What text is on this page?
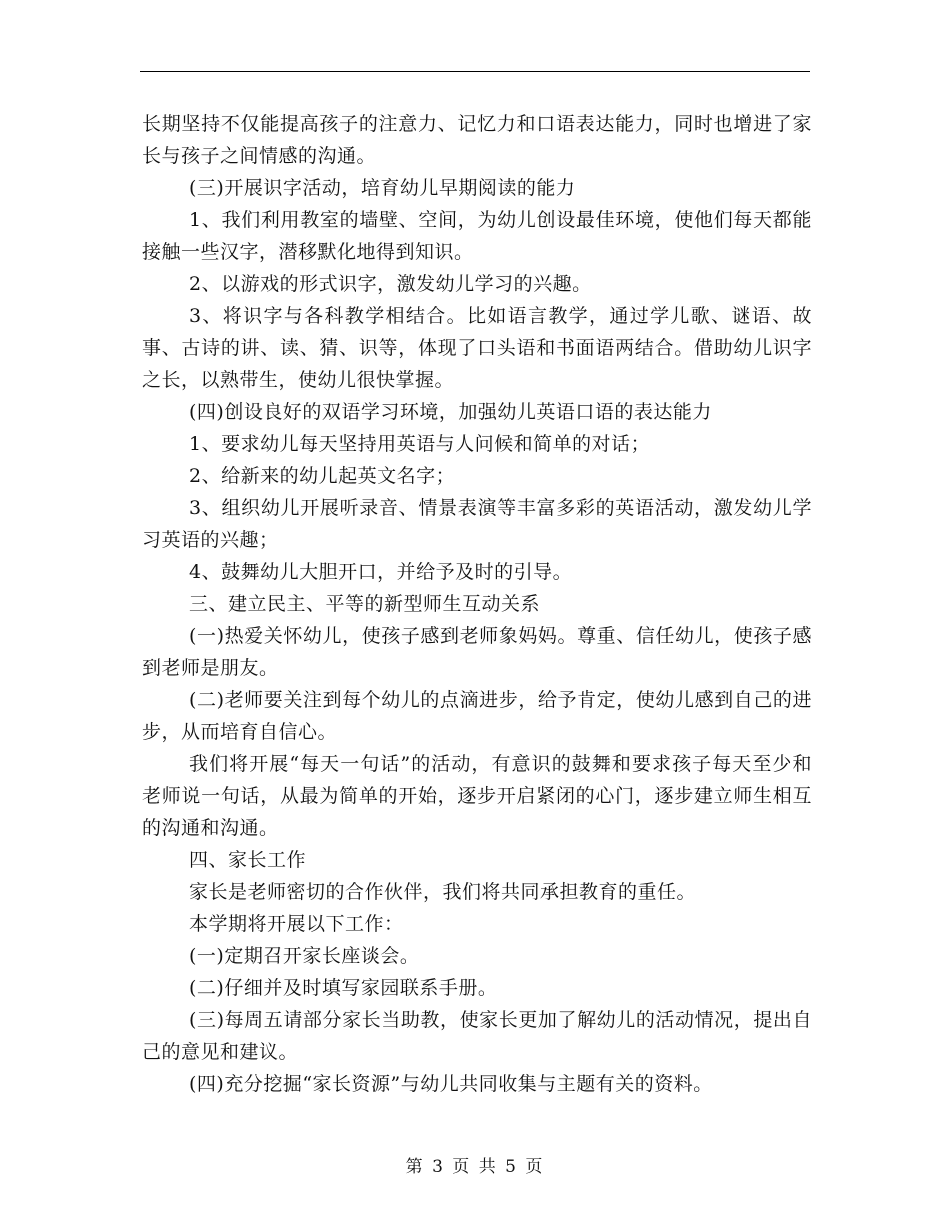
长期坚持不仅能提高孩子的注意力、记忆力和口语表达能力，同时也增进了家长与孩子之间情感的沟通。

(三)开展识字活动，培育幼儿早期阅读的能力

1、我们利用教室的墙壁、空间，为幼儿创设最佳环境，使他们每天都能接触一些汉字，潜移默化地得到知识。

2、以游戏的形式识字，激发幼儿学习的兴趣。

3、将识字与各科教学相结合。比如语言教学，通过学儿歌、谜语、故事、古诗的讲、读、猜、识等，体现了口头语和书面语两结合。借助幼儿识字之长，以熟带生，使幼儿很快掌握。

(四)创设良好的双语学习环境，加强幼儿英语口语的表达能力

1、要求幼儿每天坚持用英语与人问候和简单的对话；

2、给新来的幼儿起英文名字；

3、组织幼儿开展听录音、情景表演等丰富多彩的英语活动，激发幼儿学习英语的兴趣；

4、鼓舞幼儿大胆开口，并给予及时的引导。

三、建立民主、平等的新型师生互动关系

(一)热爱关怀幼儿，使孩子感到老师象妈妈。尊重、信任幼儿，使孩子感到老师是朋友。

(二)老师要关注到每个幼儿的点滴进步，给予肯定，使幼儿感到自己的进步，从而培育自信心。

我们将开展“每天一句话”的活动，有意识的鼓舞和要求孩子每天至少和老师说一句话，从最为简单的开始，逐步开启紧闭的心门，逐步建立师生相互的沟通和沟通。

四、家长工作

家长是老师密切的合作伙伴，我们将共同承担教育的重任。

本学期将开展以下工作：

(一)定期召开家长座谈会。

(二)仔细并及时填写家园联系手册。

(三)每周五请部分家长当助教，使家长更加了解幼儿的活动情况，提出自己的意见和建议。

(四)充分挖掘“家长资源”与幼儿共同收集与主题有关的资料。

第 3 页 共 5 页
